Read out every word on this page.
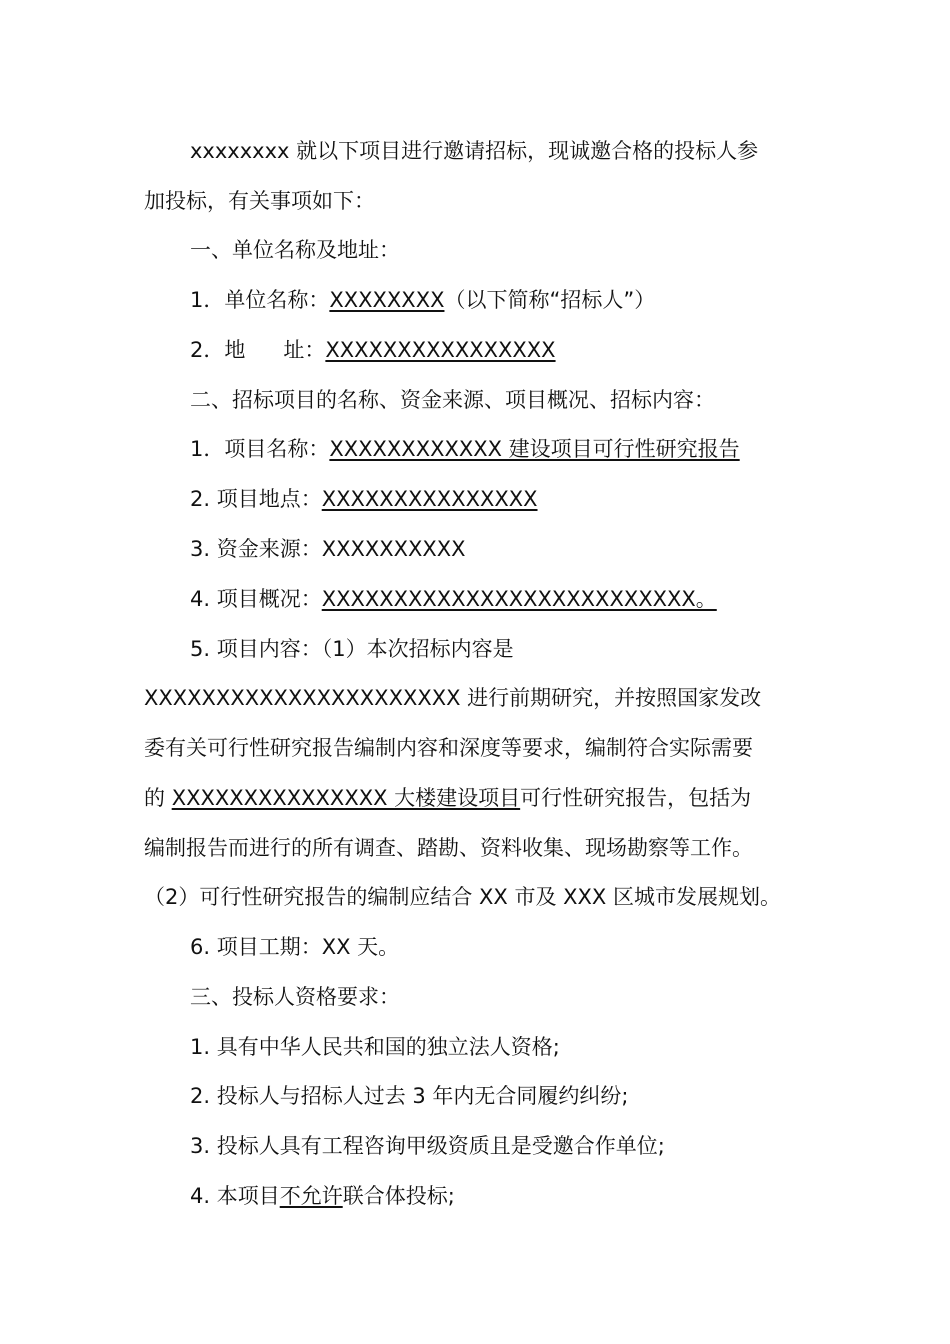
xxxxxxxx 就以下项目进行邀请招标，现诚邀合格的投标人参
加投标，有关事项如下：
一、单位名称及地址：
1．单位名称：XXXXXXXX（以下简称“招标人”）
2．地 址：XXXXXXXXXXXXXXXX
二、招标项目的名称、资金来源、项目概况、招标内容：
1．项目名称：XXXXXXXXXXXX 建设项目可行性研究报告
2. 项目地点：XXXXXXXXXXXXXXX
3. 资金来源：XXXXXXXXXX
4. 项目概况：XXXXXXXXXXXXXXXXXXXXXXXXXX。
5. 项目内容：（1）本次招标内容是
XXXXXXXXXXXXXXXXXXXXXX 进行前期研究，并按照国家发改
委有关可行性研究报告编制内容和深度等要求，编制符合实际需要
的 XXXXXXXXXXXXXXX 大楼建设项目可行性研究报告，包括为
编制报告而进行的所有调查、踏勘、资料收集、现场勘察等工作。
（2）可行性研究报告的编制应结合 XX 市及 XXX 区城市发展规划。
6. 项目工期：XX 天。
三、投标人资格要求：
1. 具有中华人民共和国的独立法人资格;
2. 投标人与招标人过去 3 年内无合同履约纠纷;
3. 投标人具有工程咨询甲级资质且是受邀合作单位;
4. 本项目不允许联合体投标;
